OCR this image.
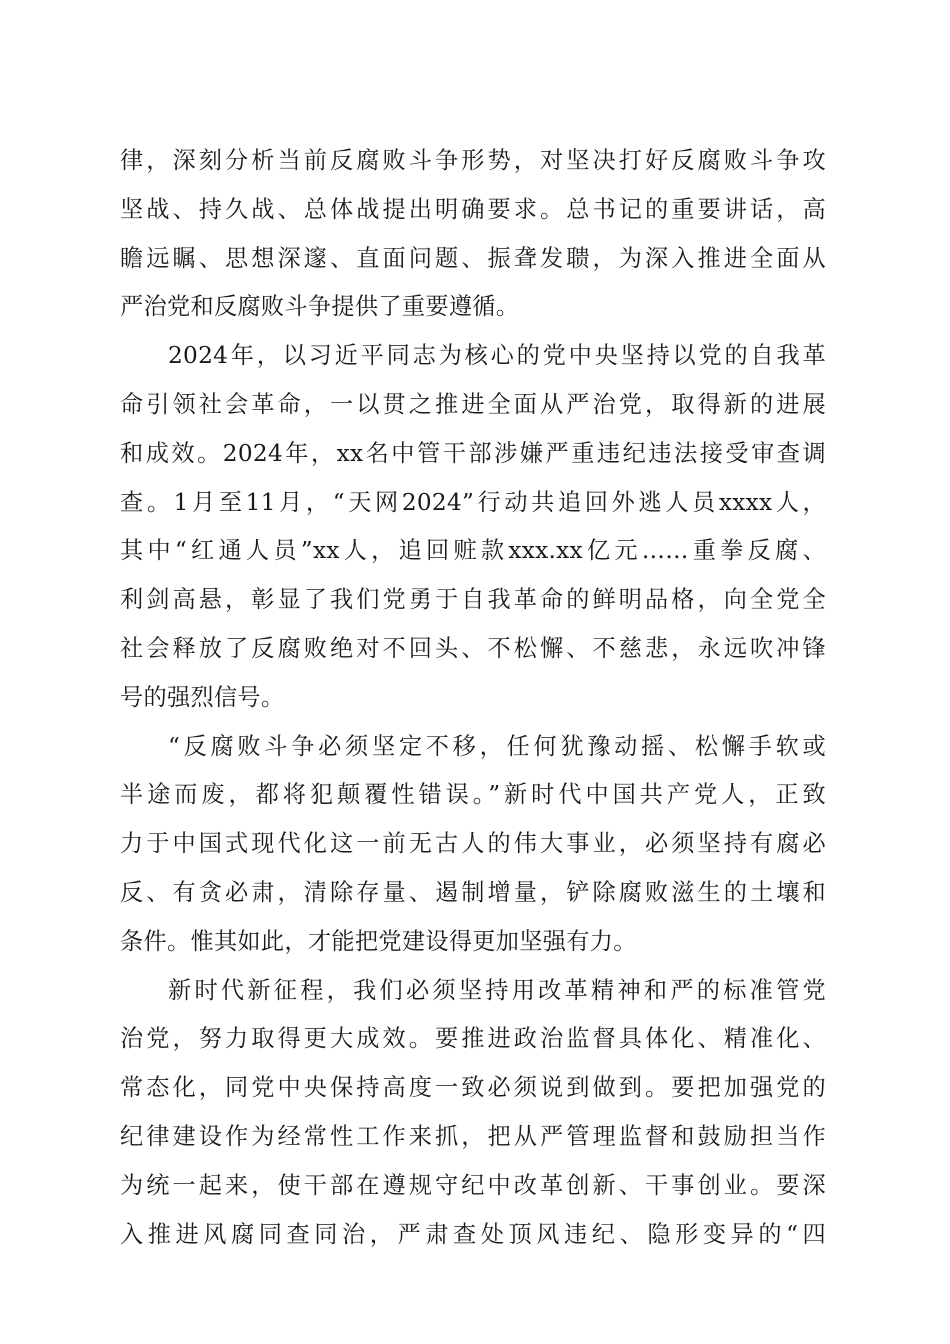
律，深刻分析当前反腐败斗争形势，对坚决打好反腐败斗争攻
坚战、持久战、总体战提出明确要求。总书记的重要讲话，高
瞻远瞩、思想深邃、直面问题、振聋发聩，为深入推进全面从
严治党和反腐败斗争提供了重要遵循。
2024年，以习近平同志为核心的党中央坚持以党的自我革
命引领社会革命，一以贯之推进全面从严治党，取得新的进展
和成效。2024年，xx名中管干部涉嫌严重违纪违法接受审查调
查。1月至11月，“天网2024”行动共追回外逃人员xxxx人，
其中“红通人员”xx人，追回赃款xxx.xx亿元……重拳反腐、
利剑高悬，彰显了我们党勇于自我革命的鲜明品格，向全党全
社会释放了反腐败绝对不回头、不松懈、不慈悲，永远吹冲锋
号的强烈信号。
“反腐败斗争必须坚定不移，任何犹豫动摇、松懈手软或
半途而废，都将犯颠覆性错误。”新时代中国共产党人，正致
力于中国式现代化这一前无古人的伟大事业，必须坚持有腐必
反、有贪必肃，清除存量、遏制增量，铲除腐败滋生的土壤和
条件。惟其如此，才能把党建设得更加坚强有力。
新时代新征程，我们必须坚持用改革精神和严的标准管党
治党，努力取得更大成效。要推进政治监督具体化、精准化、
常态化，同党中央保持高度一致必须说到做到。要把加强党的
纪律建设作为经常性工作来抓，把从严管理监督和鼓励担当作
为统一起来，使干部在遵规守纪中改革创新、干事创业。要深
入推进风腐同查同治，严肃查处顶风违纪、隐形变异的“四
